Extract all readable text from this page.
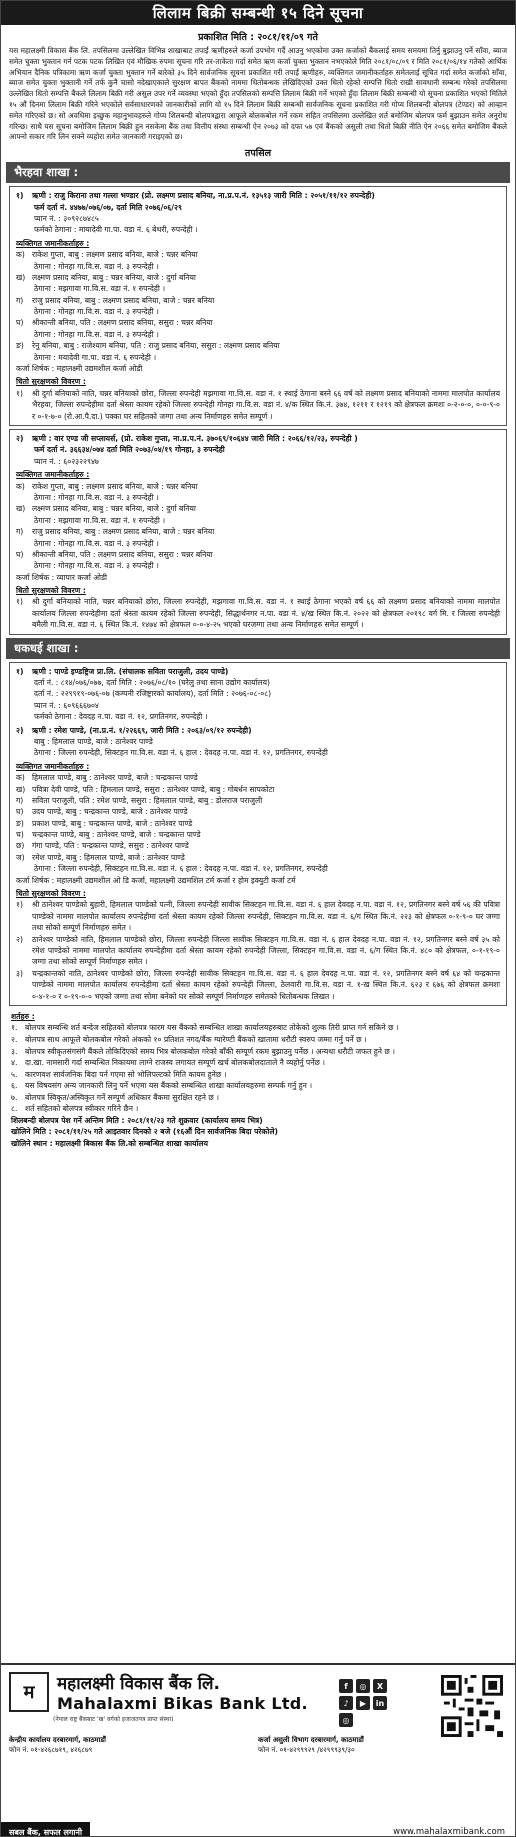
लिलाम बिक्री सम्बन्धी १५ दिने सूचना
प्रकाशित मिति : २०८१/११/०९ गते
यस महालक्ष्मी विकास बैंक लि. तपसिलमा उल्लेखित विभिन्न शाखाबाट तपाईं ऋणीहरुले कर्जा उपभोग गर्दै आउनु भएकोमा उक्त कर्जाको बैंकलाई समय समयमा तिर्नु बुझाउनु पर्ने साँवा, ब्याज समेत चुक्ता भुक्तान गर्न पटक पटक लिखित एवं मौखिक रुपमा सूचना गरि तर-ताकेता गर्दा समेत ऋण कर्जा चुक्ता भुक्तान नभएकोले मिति २०८१/०८/०९ र मिति २०८१/०६/१४ गतेको आर्थिक अभियान दैनिक पत्रिकामा ऋण कर्जा चुक्ता भुक्तान गर्ने बारेको ३५ दिने सार्वजनिक सूचना प्रकाशित गरी तपाईं ऋणीहरु, व्यक्तिगत जमानीकर्ताहरु समेतलाई सूचित गर्दा समेत कर्जाको साँवा, ब्याज समेत चुक्ता भुक्तानी गर्ने तर्फ कुनै चासो नदेखाएकाले सुरक्षण बापत बैंकको नाममा धितोबन्धक लेखिदिएको उक्त धितो रहेको सम्पत्ति धितो राखी सावधानी सम्बन्ध गरेको तपसिलमा उल्लेखित धितो सम्पत्ति बैंकले लिलाम बिक्री गरी असुल उपर गर्ने व्यवस्था भएको हुँदा तपसिलको सम्पत्ति लिलाम बिक्री गर्ने भएको हुँदा लिलाम बिक्री सम्बन्धी यो सूचना प्रकाशित भएको मितिले १५ औं दिनमा लिलाम बिक्री गरिने भएकोले सर्वसाधारणको जानकारीको लागि यो १५ दिने लिलाम बिक्री सम्बन्धी सार्वजनिक सूचना प्रकाशित गरी गोप्य शिलबन्दी बोलपत्र (टेण्डर) को आव्हान समेत गरिएको छ। सो अवधिमा इच्छुक महानुभावहरुले गोप्य शिलबन्दी बोलपत्रद्वारा आफूले बोलकबोल गर्ने रकम सहित तपसिलमा उल्लेखित शर्त बमोजिम बोलपत्र फर्म बुझाउन समेत अनुरोध गरिन्छ। साथै यस सूचना बमोजिम लिलाम बिक्री हुन नसकेमा बैंक तथा वित्तीय संस्था सम्बन्धी ऐन २०७३ को दफा ५७ एवं बैंकको असुली तथा धितो बिक्री नीति ऐन २०६६ समेत बमोजिम बैंकले आफ्नो सकार गरि लिन सक्ने व्यहोरा समेत जानकारी गराइएको छ।
तपसिल
भैरहवा शाखा :
१)	ऋणी : राजु किराना तथा गल्ला भण्डार (प्रो. लक्ष्मण प्रसाद बनिया, ना.प्र.प.नं. १३५१३ जारी मिति : २०५१/११/१२ रुपन्देही)
फर्म दर्ता नं. ४४७७/०७६/०७, दर्ता मिति २०७६/०६/२९
प्यान नं. : ३०९२८७४८५
फर्मको ठेगाना : मायादेवी गा.पा. वडा नं. ६ बेथरी, रुपन्देही ।
व्यक्तिगत जमानीकर्ताहरु :
क) राकेश गुप्ता, बाबु : लक्ष्मण प्रसाद बनिया, बाजे : चन्नर बनिया
ठेगाना : गोनहा गा.वि.स. वडा नं. ३ रुपन्देही ।
ख) लक्ष्मण प्रसाद बनिया, बाबु : चन्नर बनिया, बाजे : दुर्गा बनिया
ठेगाना : मझगावा गा.वि.स. वडा नं. १ रुपन्देही ।
ग)	राजु प्रसाद बनिया, बाबु : लक्ष्मण प्रसाद बनिया, बाजे : चन्नर बनिया
ठेगाना : गोनहा गा.वि.स. वडा नं. ३ रुपन्देही ।
घ)	श्रीकान्ती बनिया, पति : लक्ष्मण प्रसाद बनिया, ससुरा : चन्नर बनिया
ठेगाना : गोनहा गा.वि.स. वडा नं. ३ रुपन्देही ।
ङ)	रेनु बनिया, बाबु : राजेश्याम बनिया, पति : राजु प्रसाद बनिया, ससुरा : लक्ष्मण प्रसाद बनिया
ठेगाना : मयादेवी गा.पा. वडा नं. ६ रुपन्देही ।
कर्जा शिर्षक : महालक्ष्मी उद्यमशील कर्जा ओडी
धितो सुरक्षणको विवरण :
१)	श्री दुर्गा बनियाको नाति, चन्नर बनियाको छोरा, जिल्ला रुपन्देही मझगावा गा.वि.स. वडा नं. १ स्थाई ठेगाना बस्ने ६६ वर्ष को लक्ष्मण प्रसाद बनियाको नाममा मालपोत कार्यालय भैरहवा, जिल्ला रुपन्देहीमा दर्ता श्रेस्ता कायम रहेको जिल्ला रुपन्देही गोनहा गा.वि.स. वडा नं. ४/क स्थित कि.नं. ३७४, १२११ र १२१९ को क्षेत्रफल क्रमशः ०-२-०-०, ०-०-९-० र ०-१-७-० (रो.आ.पै.दा.) पक्का घर सहितको जग्गा तथा अन्य निर्माणहरु समेत सम्पूर्ण ।
२)	ऋणी : वार एण्ड जी सप्लायर्स, (प्रो. राकेश गुप्ता, ना.प्र.प.नं. ३७०६९/१०६४४ जारी मिति : २०६६/१२/२३, रुपन्देही )
फर्म दर्ता नं. ३६६३४/०७४ दर्ता मिति २०७३/०४/१९ गोनहा, ३ रुपन्देही
प्यान नं. : ६०२३२२९४७
व्यक्तिगत जमानीकर्ताहरु :
क) राकेश गुप्ता, बाबु : लक्ष्मण प्रसाद बनिया, बाजे : चन्नर बनिया
ठेगाना : गोनहा गा.वि.स. वडा नं. ३ रुपन्देही ।
ख) लक्ष्मण प्रसाद बनिया, बाबु : चन्नर बनिया, बाजे : दुर्गा बनिया
ठेगाना : मझगावा गा.वि.स. वडा नं. १ रुपन्देही ।
ग)	राजु प्रसाद बनिया, बाबु : लक्ष्मण प्रसाद बनिया, बाजे : चन्नर बनिया
ठेगाना : गोनहा गा.वि.स. वडा नं. ३ रुपन्देही ।
घ)	श्रीकान्ती बनिया, पति : लक्ष्मण प्रसाद बनिया, ससुरा : चन्नर बनिया
ठेगाना : गोनहा गा.वि.स. वडा नं. ३ रुपन्देही ।
कर्जा शिर्षक : व्यापार कर्जा ओडी
धितो सुरक्षणको विवरण :
१)	श्री दुर्गा बनियाको नाति, चन्नर बनियाको छोरा, जिल्ला रुपन्देही, मझगावा गा.वि.स. वडा नं. १ स्थाई ठेगाना भएको वर्ष ६६ को लक्ष्मण प्रसाद बनियाको नाममा मालपोत कार्यालय जिल्ला रुपन्देहीमा दर्ता श्रेस्ता कायम रहेको जिल्ला रुपन्देही, सिद्धार्थनगर न.पा. वडा नं. ४/ख स्थित कि.नं. २०२२ को क्षेत्रफल २०१९८ वर्ग मि. र जिल्ला रुपन्देही बमैली गा.वि.स. वडा नं. ६ स्थित कि.नं. १४७४ को क्षेत्रफल ०-०-४-२५ भएको घरजग्गा तथा अन्य निर्माणहरु समेत सम्पूर्ण ।
धकधई शाखा :
१)	ऋणी : पाण्डे इण्डष्ट्रिज प्रा.लि. (संचालक सविता पराजुली, उदय पाण्डे)
दर्ता नं. : ८१४/०७६/०७७, दर्ता मिति : २०७६/०८/१० (घरेलु तथा साना उद्योग कार्यालय)
दर्ता नं. : २२९९१९-०७६-०७ (कम्पनी रजिष्ट्रारको कार्यालय), दर्ता मिति : २०७६-०८-०८)
प्यान नं. : ६०९६६६७०४
फर्मको ठेगाना : देवदह न.पा. वडा नं. १२, प्रगतिनगर, रुपन्देही ।
२)	ऋणी : रमेश पाण्डे, (ना.प्र.नं. १/२२६६९, जारी मिति : २०६३/०९/१२ रुपन्देही)
बाबु : हिमलाल पाण्डे, बाजे : ठानेश्वर पाण्डे
ठेगाना : जिल्ला रुपन्देही, सिक्टहन गा.वि.स. वडा नं. ६ हाल : देवदह न.पा. वडा नं. १२, प्रगतिनगर, रुपन्देही
व्यक्तिगत जमानीकर्ताहरु :
क) हिमलाल पाण्डे, बाबु : ठानेश्वर पाण्डे, बाजे : चन्द्रकान्त पाण्डे
ख) पवित्रा देवी पाण्डे, पति : हिमलाल पाण्डे, ससुरा : ठानेश्वर पाण्डे, बाबु : गोबर्धन सापकोटा
ग)	सविता पराजुली, पति : रमेश पाण्डे, ससुरा : हिमलाल पाण्डे, बाबु : डोलराज पराजुली
घ)	उदय पाण्डे, बाबु : चन्द्रकान्त पाण्डे, बाजे : ठानेश्वर पाण्डे
ङ)	प्रकाश पाण्डे, बाबु : चन्द्रकान्त पाण्डे, बाजे : ठानेश्वर पाण्डे
च)	चन्द्रकान्त पाण्डे, बाबु : ठानेश्वर पाण्डे, बाजे : चन्द्रकान्त पाण्डे
छ)	गंगा पाण्डे, पति : चन्द्रकान्त पाण्डे, ससुरा : ठानेश्वर पाण्डे
ज) रमेश पाण्डे, बाबु : हिमलाल पाण्डे, बाजे : ठानेश्वर पाण्डे
ठेगाना : जिल्ला रुपन्देही, सिक्टहन गा.वि.स. वडा नं. ६ हाल : देवदह न.पा. वडा नं. १२, प्रगतिनगर, रुपन्देही
कर्जा शिर्षक : महालक्ष्मी उद्यमशील ओ डि कर्जा, महालक्ष्मी उद्यमशिल टर्म कर्जा र होम इक्युटी कर्जा टर्म
धितो सुरक्षणको विवरण :
१)	श्री ठानेश्वर पाण्डेको बुहारी, हिमलाल पाण्डेको पत्नी, जिल्ला रुपन्देही सावीक सिक्टहन गा.वि.स. वडा नं. ६ हाल देवदह न.पा. वडा नं. १२, प्रगतिनगर बस्ने वर्ष ५६ की पवित्रा पाण्डेको नाममा मालपोत कार्यालय रुपन्देहीमा दर्ता श्रेस्ता कायम रहेको जिल्ला रुपन्देही, सिक्टहन गा.वि.स. वडा नं. ६/ग स्थित कि.नं. २२३ को क्षेत्रफल ०-१-९-० घर जग्गा तथा सोको सम्पूर्ण निर्माणहरु समेत ।
२)	ठानेश्वर पाण्डेको नाति, हिमलाल पाण्डेको छोरा, जिल्ला रुपन्देही जिल्ला सावीक सिक्टहन गा.वि.स. वडा नं. ६ हाल देवदह न.पा. वडा नं. १२, प्रगतिनगर बस्ने वर्ष ३५ को रमेश पाण्डेको नाममा मालपोत कार्यालय रुपन्देहीमा दर्ता श्रेस्ता कायम रहेको रुपन्देही जिल्ला, सिक्टहन गा.वि.स. वडा नं. ६/ग स्थित कि.नं. ४८० को क्षेत्रफल, ०-१-१९-० जग्गा तथा सोको सम्पूर्ण निर्माणहरु समेत ।
३)	चन्द्रकान्तको नाति, ठानेश्वर पाण्डेको छोरा, जिल्ला रुपन्देही सावीक सिक्टहन गा.वि.स. वडा नं. ६ हाल देवदह न.पा. वडा नं. १२, प्रगतिनगर बस्ने वर्ष ६४ को चन्द्रकान्त पाण्डेको नाममा मालपोत कार्यालय रुपन्देहीमा दर्ता श्रेस्ता कायम रहेको रुपन्देही जिल्ला, ठेलवारी गा.वि.स. वडा नं. १-ख स्थित कि.नं. ६२३ र ६७६ को क्षेत्रफल क्रमशः ०-४-१-० र ०-१९-०-० भएको जग्गा तथा सोमा बनेको घर सोको सम्पूर्ण निर्माणहरु समेतको धितोबन्धक लिखत ।
शर्तहरु :
१.	बोलपत्र सम्बन्धि शर्त बन्देज सहितको बोलपत्र फारम यस बैंकको सम्बन्धित शाखा कार्यालयहरुबाट तोकेको शुल्क तिरी प्राप्त गर्न सकिने छ ।
२.	बोलपत्र साथ आफूले बोलकबोल गरेको अंकको १० प्रतिशत नगद/बैंक ग्यारेण्टी बैंकको खातामा धरौटी स्वरुप जम्मा गर्नु पर्ने छ ।
३.	बोलपत्र स्वीकृतसंगसंगै बैंकले तोकिदिएको समय भित्र बोलकबोल गरेको बाँकी सम्पूर्ण रकम बुझाउनु पर्नेछ । अन्यथा धरौटी जफत हुने छ ।
४.	दा.खा. नामसारी गर्दा सम्बन्धित निकायमा लाग्ने राजस्व लगायत सम्पूर्ण खर्च बोलकबोलदाताले नै व्यहोर्नु पर्नेछ ।
५.	कारणवश सार्वजनिक बिदा पर्न गएमा सो भोलिपल्टको मिति कायम हुनेछ ।
६.	यस विषयसंग अन्य जानकारी लिनु पर्ने भएमा यस बैंकको सम्बन्धित शाखा कार्यालयहरुमा सम्पर्क गर्नु हुन ।
७.	बोलपत्र स्विकृत/अस्विकृत गर्ने सम्पूर्ण अधिकार बैंकमा सुरक्षित रहने छ ।
८.	शर्त सहितको बोलपत्र स्वीकार गरिने छैन ।
शिलबन्दी बोलपत्र पेश गर्ने अन्तिम मिति : २०८१/११/२३ गते शुक्रवार (कार्यालय समय भित्र)
खोलिने मिति : २०८१/११/२५ गते आइतवार दिनको २ बजे (१६औं दिन सार्वजनिक बिदा परेकोले)
खोलिने स्थान : महालक्ष्मी बिकास बैंक लि.को सम्बन्धित शाखा कार्यालय
म	महालक्ष्मी विकास बैंक लि.
Mahalaxmi Bikas Bank Ltd.
(नेपाल राष्ट्र बैंकबाट 'ख' वर्गको इजाजतपत्र प्राप्त संस्था)
f	◎	X
♪	▶	in
◎
केन्द्रीय कार्यालय दरबारमार्ग, काठमाडौं
फोन नं. ०१-४२६८७१९, ४२६८७९
कर्जा असुली विभाग दरबारमार्ग, काठमाडौं
फोन नं. ०१-४२९९९२९ /४२९९९३९/३०
सबल बैंक, सफल लगानी	www.mahalaxmibank.com
